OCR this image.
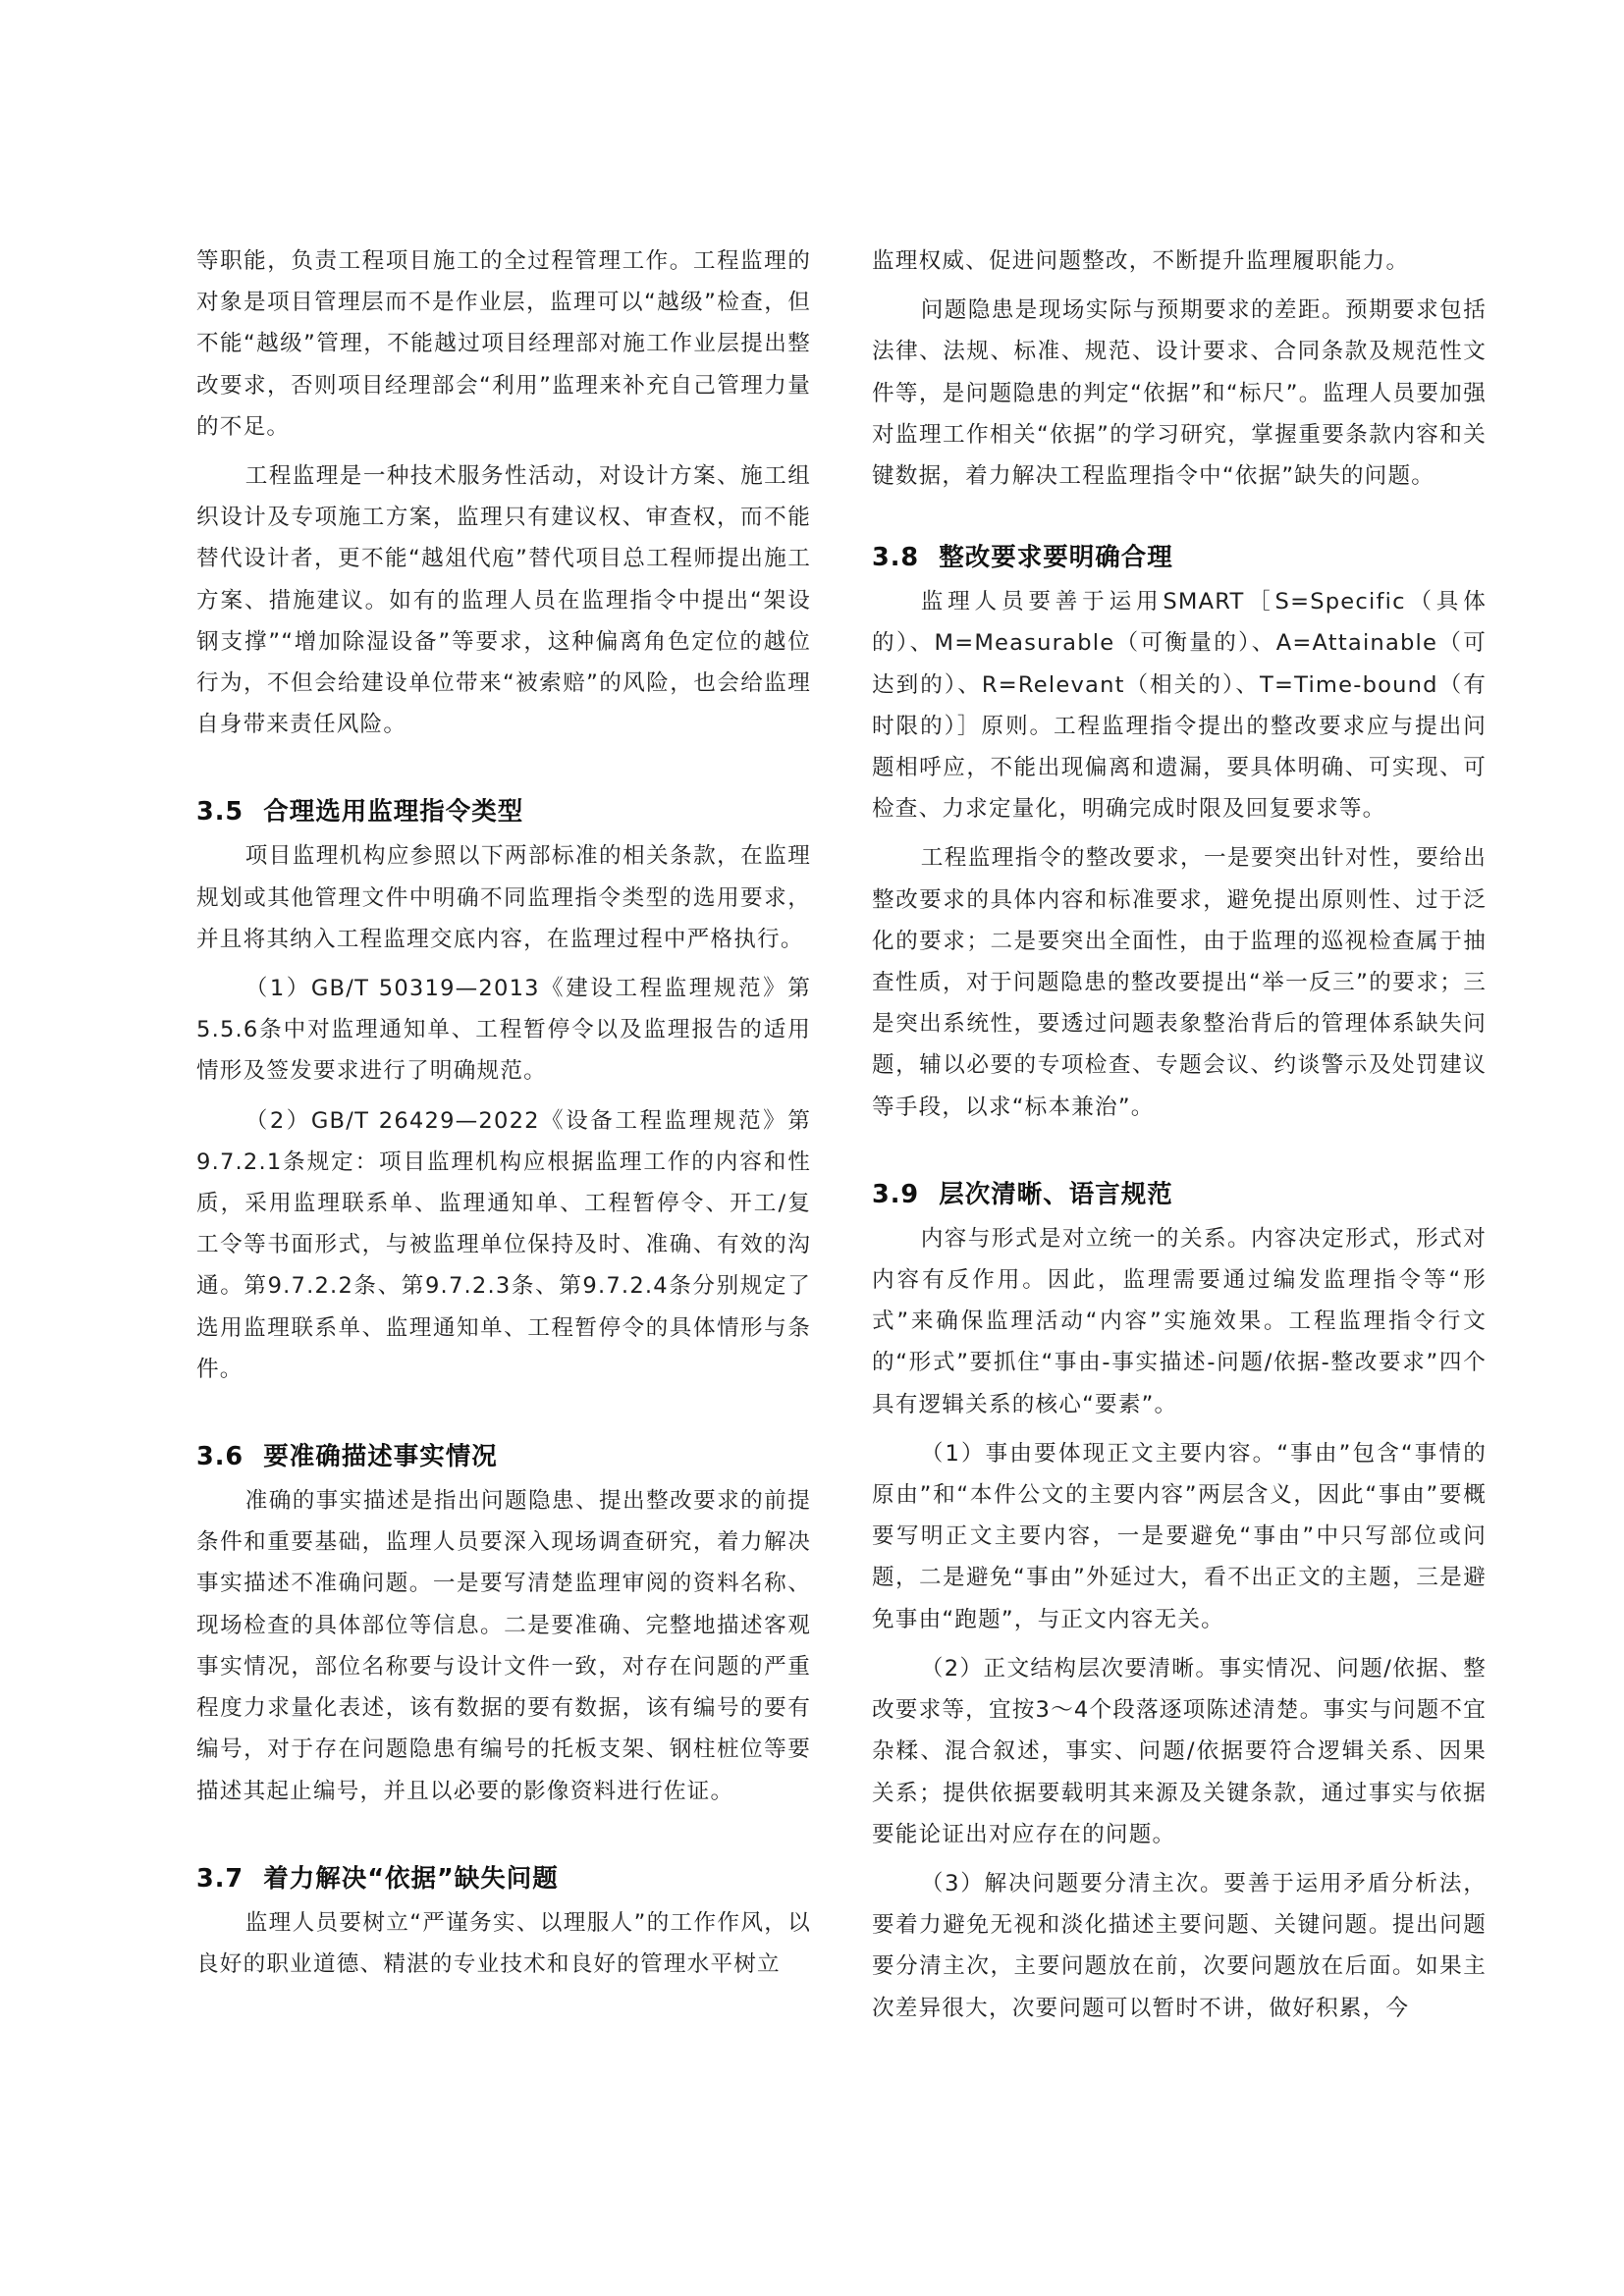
等职能，负责工程项目施工的全过程管理工作。工程监理的对象是项目管理层而不是作业层，监理可以“越级”检查，但不能“越级”管理，不能越过项目经理部对施工作业层提出整改要求，否则项目经理部会“利用”监理来补充自己管理力量的不足。

工程监理是一种技术服务性活动，对设计方案、施工组织设计及专项施工方案，监理只有建议权、审查权，而不能替代设计者，更不能“越俎代庖”替代项目总工程师提出施工方案、措施建议。如有的监理人员在监理指令中提出“架设钢支撑”“增加除湿设备”等要求，这种偏离角色定位的越位行为，不但会给建设单位带来“被索赔”的风险，也会给监理自身带来责任风险。

3.5 合理选用监理指令类型

项目监理机构应参照以下两部标准的相关条款，在监理规划或其他管理文件中明确不同监理指令类型的选用要求，并且将其纳入工程监理交底内容，在监理过程中严格执行。

（1）GB/T 50319—2013《建设工程监理规范》第5.5.6条中对监理通知单、工程暂停令以及监理报告的适用情形及签发要求进行了明确规范。

（2）GB/T 26429—2022《设备工程监理规范》第9.7.2.1条规定：项目监理机构应根据监理工作的内容和性质，采用监理联系单、监理通知单、工程暂停令、开工/复工令等书面形式，与被监理单位保持及时、准确、有效的沟通。第9.7.2.2条、第9.7.2.3条、第9.7.2.4条分别规定了选用监理联系单、监理通知单、工程暂停令的具体情形与条件。

3.6 要准确描述事实情况

准确的事实描述是指出问题隐患、提出整改要求的前提条件和重要基础，监理人员要深入现场调查研究，着力解决事实描述不准确问题。一是要写清楚监理审阅的资料名称、现场检查的具体部位等信息。二是要准确、完整地描述客观事实情况，部位名称要与设计文件一致，对存在问题的严重程度力求量化表述，该有数据的要有数据，该有编号的要有编号，对于存在问题隐患有编号的托板支架、钢柱桩位等要描述其起止编号，并且以必要的影像资料进行佐证。

3.7 着力解决“依据”缺失问题

监理人员要树立“严谨务实、以理服人”的工作作风，以良好的职业道德、精湛的专业技术和良好的管理水平树立

监理权威、促进问题整改，不断提升监理履职能力。

问题隐患是现场实际与预期要求的差距。预期要求包括法律、法规、标准、规范、设计要求、合同条款及规范性文件等，是问题隐患的判定“依据”和“标尺”。监理人员要加强对监理工作相关“依据”的学习研究，掌握重要条款内容和关键数据，着力解决工程监理指令中“依据”缺失的问题。

3.8 整改要求要明确合理

监理人员要善于运用SMART［S=Specific（具体的）、M=Measurable（可衡量的）、A=Attainable（可达到的）、R=Relevant（相关的）、T=Time-bound（有时限的）］原则。工程监理指令提出的整改要求应与提出问题相呼应，不能出现偏离和遗漏，要具体明确、可实现、可检查、力求定量化，明确完成时限及回复要求等。

工程监理指令的整改要求，一是要突出针对性，要给出整改要求的具体内容和标准要求，避免提出原则性、过于泛化的要求；二是要突出全面性，由于监理的巡视检查属于抽查性质，对于问题隐患的整改要提出“举一反三”的要求；三是突出系统性，要透过问题表象整治背后的管理体系缺失问题，辅以必要的专项检查、专题会议、约谈警示及处罚建议等手段，以求“标本兼治”。

3.9 层次清晰、语言规范

内容与形式是对立统一的关系。内容决定形式，形式对内容有反作用。因此，监理需要通过编发监理指令等“形式”来确保监理活动“内容”实施效果。工程监理指令行文的“形式”要抓住“事由-事实描述-问题/依据-整改要求”四个具有逻辑关系的核心“要素”。

（1）事由要体现正文主要内容。“事由”包含“事情的原由”和“本件公文的主要内容”两层含义，因此“事由”要概要写明正文主要内容，一是要避免“事由”中只写部位或问题，二是避免“事由”外延过大，看不出正文的主题，三是避免事由“跑题”，与正文内容无关。

（2）正文结构层次要清晰。事实情况、问题/依据、整改要求等，宜按3～4个段落逐项陈述清楚。事实与问题不宜杂糅、混合叙述，事实、问题/依据要符合逻辑关系、因果关系；提供依据要载明其来源及关键条款，通过事实与依据要能论证出对应存在的问题。

（3）解决问题要分清主次。要善于运用矛盾分析法，要着力避免无视和淡化描述主要问题、关键问题。提出问题要分清主次，主要问题放在前，次要问题放在后面。如果主次差异很大，次要问题可以暂时不讲，做好积累，今
